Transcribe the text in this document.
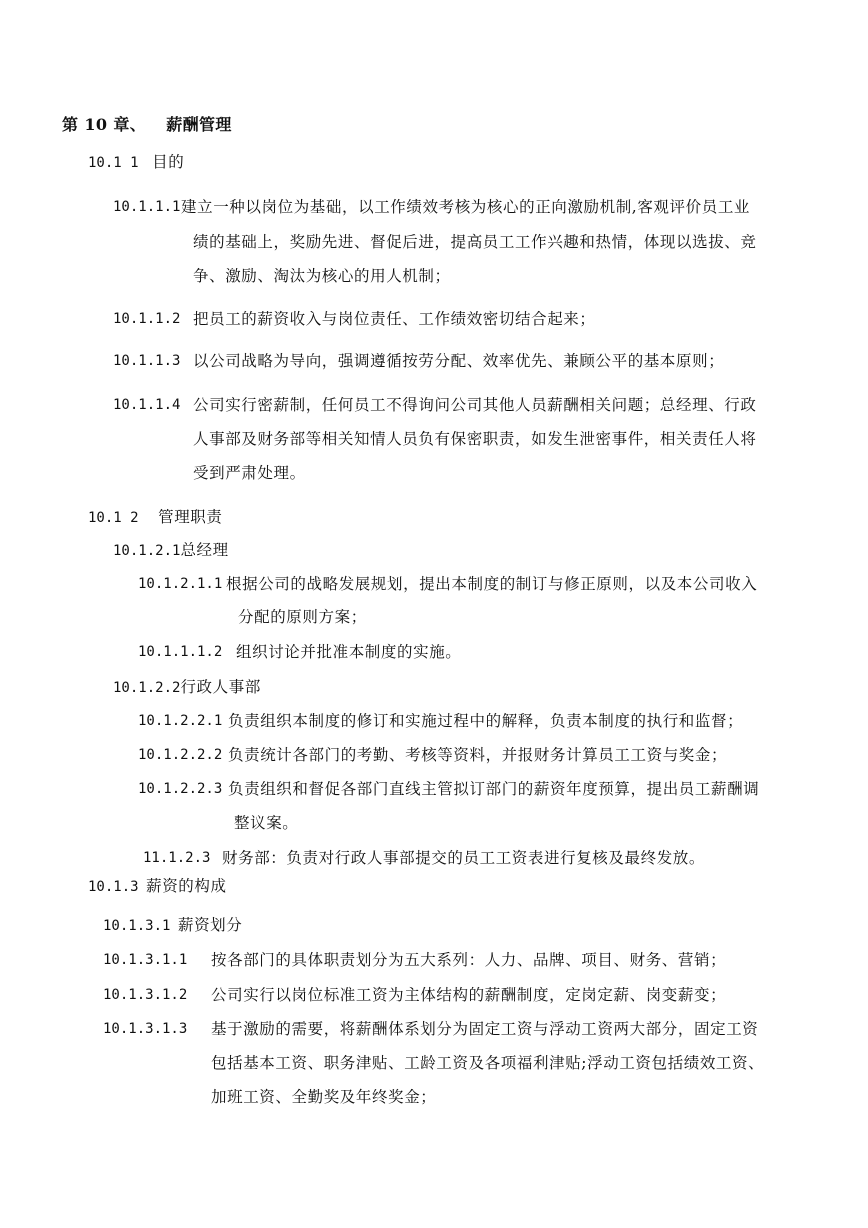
第 10 章、 薪酬管理
10.1 1 目的
10.1.1.1 建立一种以岗位为基础，以工作绩效考核为核心的正向激励机制,客观评价员工业
绩的基础上，奖励先进、督促后进，提高员工工作兴趣和热情，体现以选拔、竞
争、激励、淘汰为核心的用人机制；
10.1.1.2 把员工的薪资收入与岗位责任、工作绩效密切结合起来；
10.1.1.3 以公司战略为导向，强调遵循按劳分配、效率优先、兼顾公平的基本原则；
10.1.1.4 公司实行密薪制，任何员工不得询问公司其他人员薪酬相关问题；总经理、行政
人事部及财务部等相关知情人员负有保密职责，如发生泄密事件，相关责任人将
受到严肃处理。
10.1 2 管理职责
10.1.2.1总经理
10.1.2.1.1 根据公司的战略发展规划，提出本制度的制订与修正原则，以及本公司收入
分配的原则方案；
10.1.1.1.2 组织讨论并批准本制度的实施。
10.1.2.2行政人事部
10.1.2.2.1 负责组织本制度的修订和实施过程中的解释，负责本制度的执行和监督；
10.1.2.2.2 负责统计各部门的考勤、考核等资料，并报财务计算员工工资与奖金；
10.1.2.2.3 负责组织和督促各部门直线主管拟订部门的薪资年度预算，提出员工薪酬调
整议案。
11.1.2.3 财务部：负责对行政人事部提交的员工工资表进行复核及最终发放。
10.1.3 薪资的构成
10.1.3.1 薪资划分
10.1.3.1.1 按各部门的具体职责划分为五大系列：人力、品牌、项目、财务、营销；
10.1.3.1.2 公司实行以岗位标准工资为主体结构的薪酬制度，定岗定薪、岗变薪变；
10.1.3.1.3 基于激励的需要，将薪酬体系划分为固定工资与浮动工资两大部分，固定工资
包括基本工资、职务津贴、工龄工资及各项福利津贴;浮动工资包括绩效工资、
加班工资、全勤奖及年终奖金；
